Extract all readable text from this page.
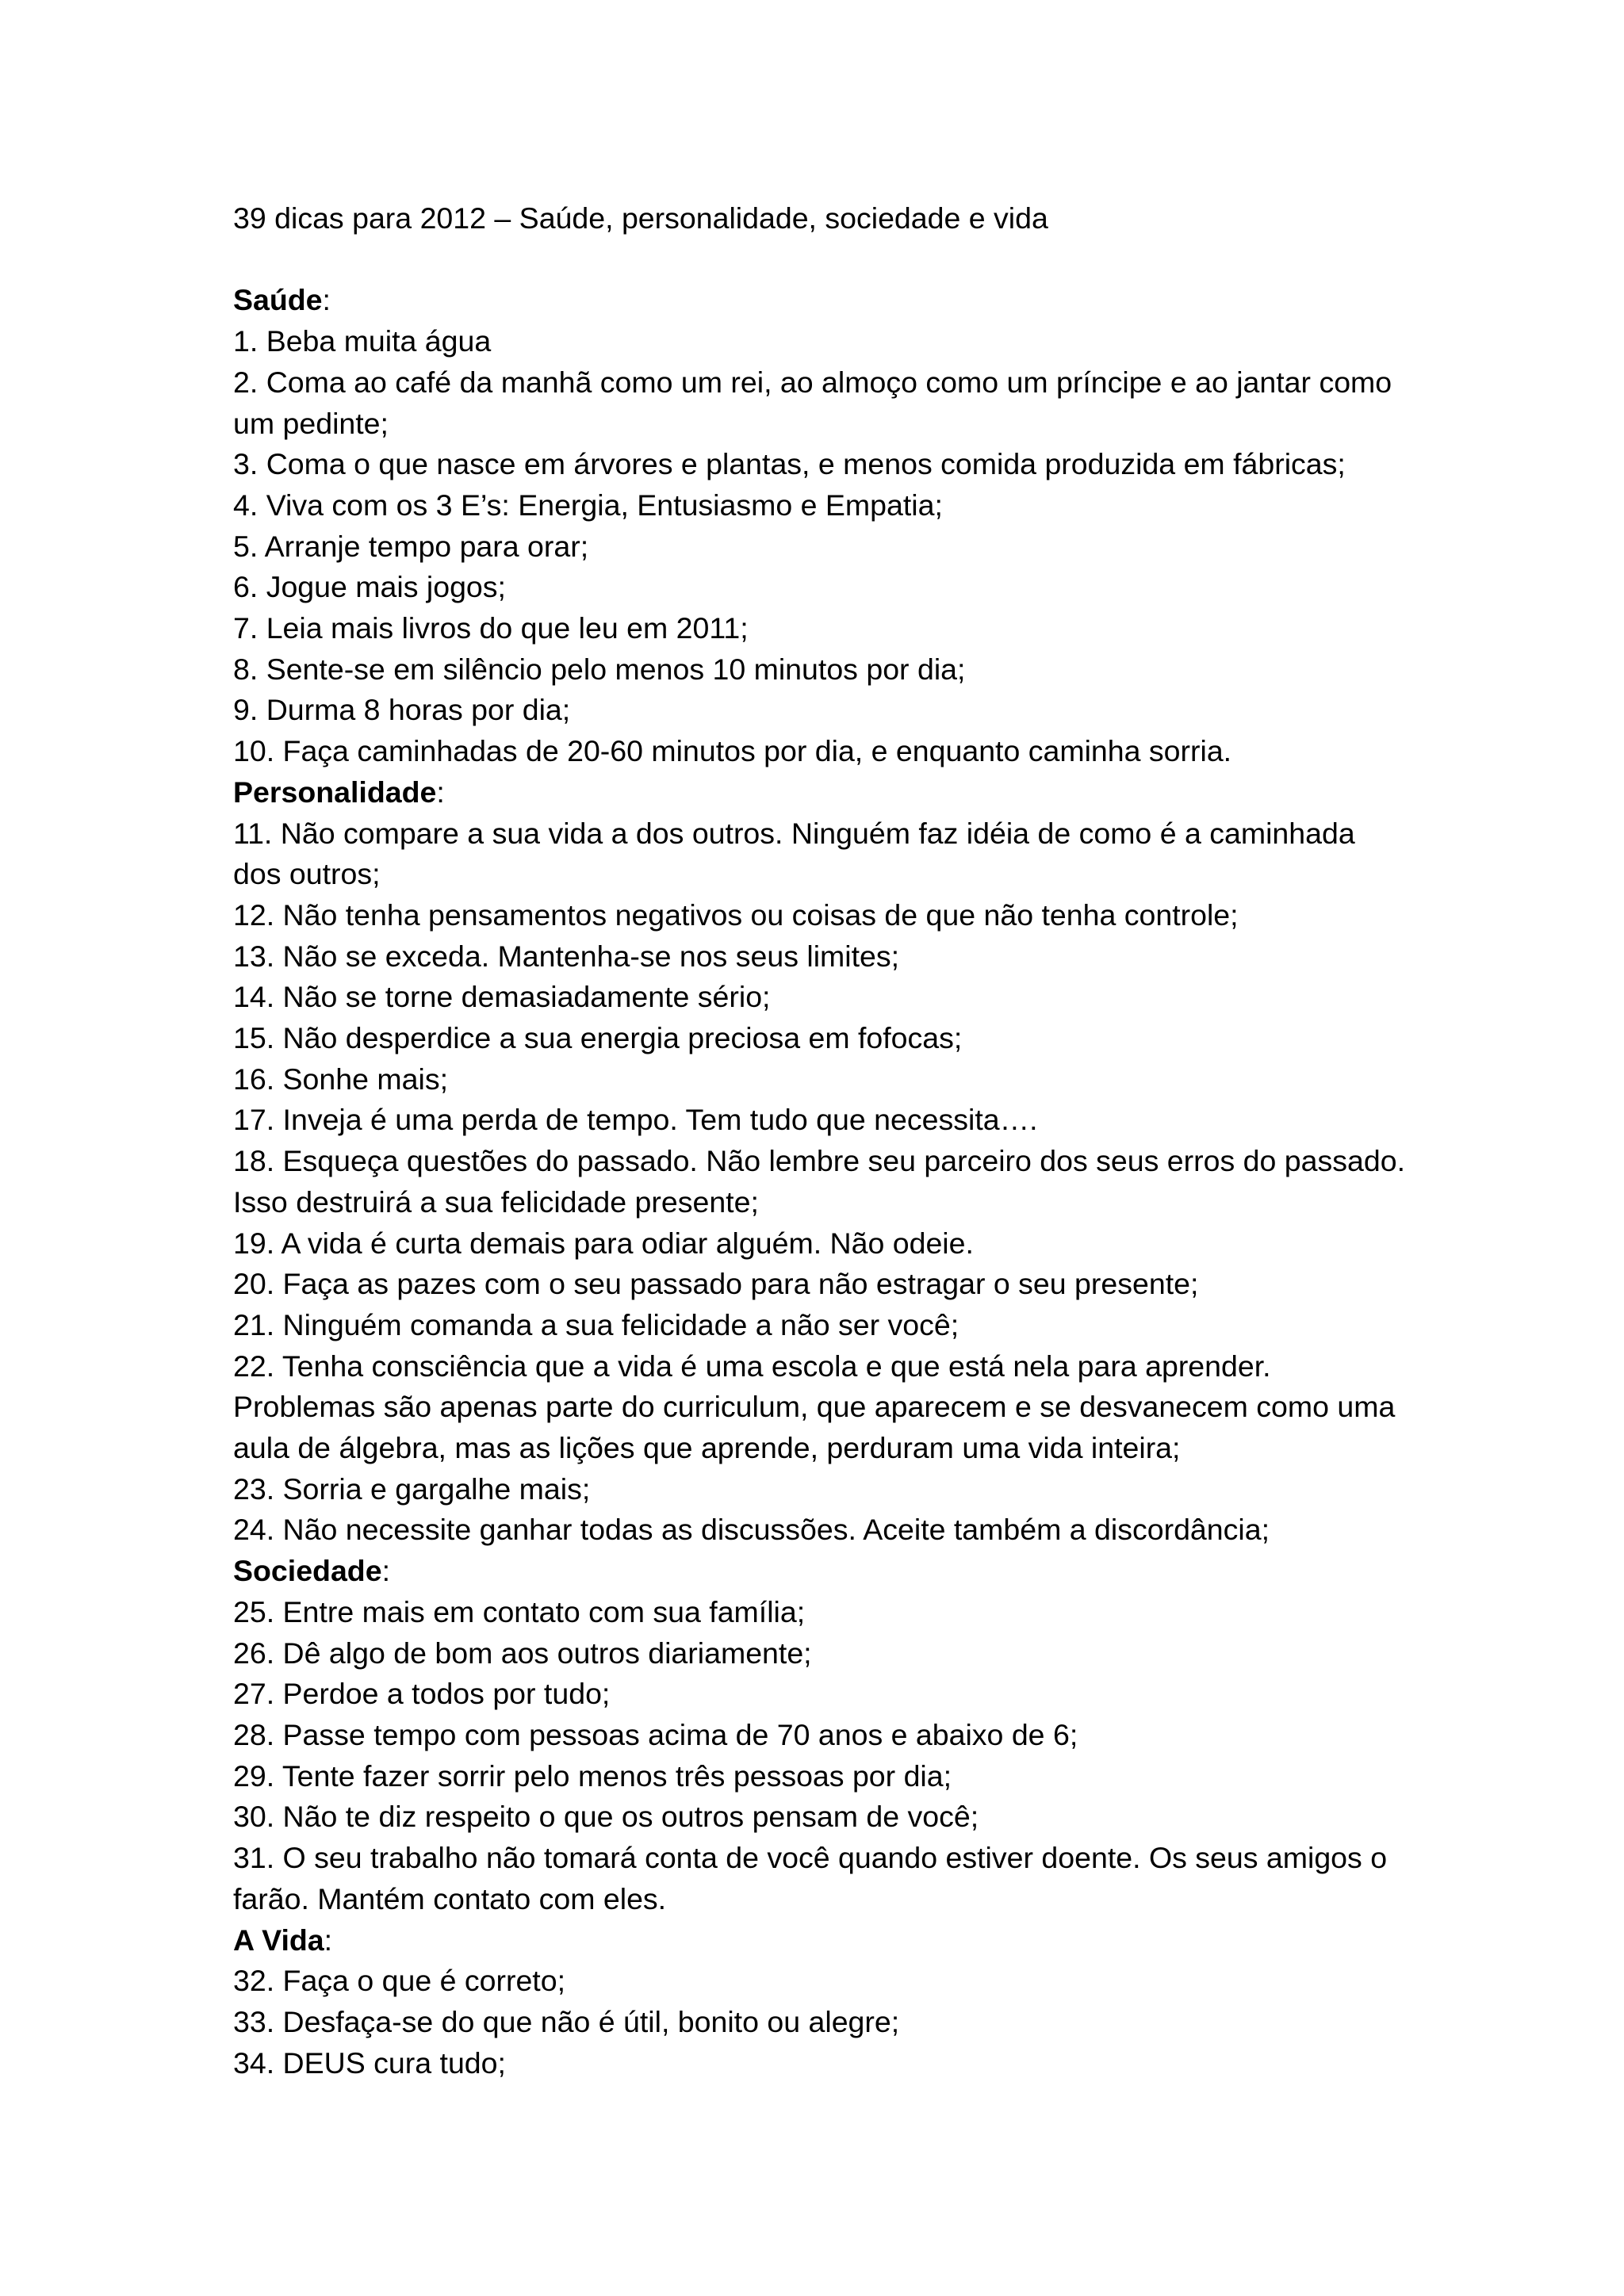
39 dicas para 2012 – Saúde, personalidade, sociedade e vida

Saúde:

1. Beba muita água

2. Coma ao café da manhã como um rei, ao almoço como um príncipe e ao jantar como um pedinte;

3. Coma o que nasce em árvores e plantas, e menos comida produzida em fábricas;

4. Viva com os 3 E’s: Energia, Entusiasmo e Empatia;

5. Arranje tempo para orar;

6. Jogue mais jogos;

7. Leia mais livros do que leu em 2011;

8. Sente-se em silêncio pelo menos 10 minutos por dia;

9. Durma 8 horas por dia;

10. Faça caminhadas de 20-60 minutos por dia, e enquanto caminha sorria.

Personalidade:

11. Não compare a sua vida a dos outros. Ninguém faz idéia de como é a caminhada dos outros;

12. Não tenha pensamentos negativos ou coisas de que não tenha controle;

13. Não se exceda. Mantenha-se nos seus limites;

14. Não se torne demasiadamente sério;

15. Não desperdice a sua energia preciosa em fofocas;

16. Sonhe mais;

17. Inveja é uma perda de tempo. Tem tudo que necessita….

18. Esqueça questões do passado. Não lembre seu parceiro dos seus erros do passado. Isso destruirá a sua felicidade presente;

19. A vida é curta demais para odiar alguém. Não odeie.

20. Faça as pazes com o seu passado para não estragar o seu presente;

21. Ninguém comanda a sua felicidade a não ser você;

22. Tenha consciência que a vida é uma escola e que está nela para aprender. Problemas são apenas parte do curriculum, que aparecem e se desvanecem como uma aula de álgebra, mas as lições que aprende, perduram uma vida inteira;

23. Sorria e gargalhe mais;

24. Não necessite ganhar todas as discussões. Aceite também a discordância;

Sociedade:

25. Entre mais em contato com sua família;

26. Dê algo de bom aos outros diariamente;

27. Perdoe a todos por tudo;

28. Passe tempo com pessoas acima de 70 anos e abaixo de 6;

29. Tente fazer sorrir pelo menos três pessoas por dia;

30. Não te diz respeito o que os outros pensam de você;

31. O seu trabalho não tomará conta de você quando estiver doente. Os seus amigos o farão. Mantém contato com eles.

A Vida:

32. Faça o que é correto;

33. Desfaça-se do que não é útil, bonito ou alegre;

34. DEUS cura tudo;
